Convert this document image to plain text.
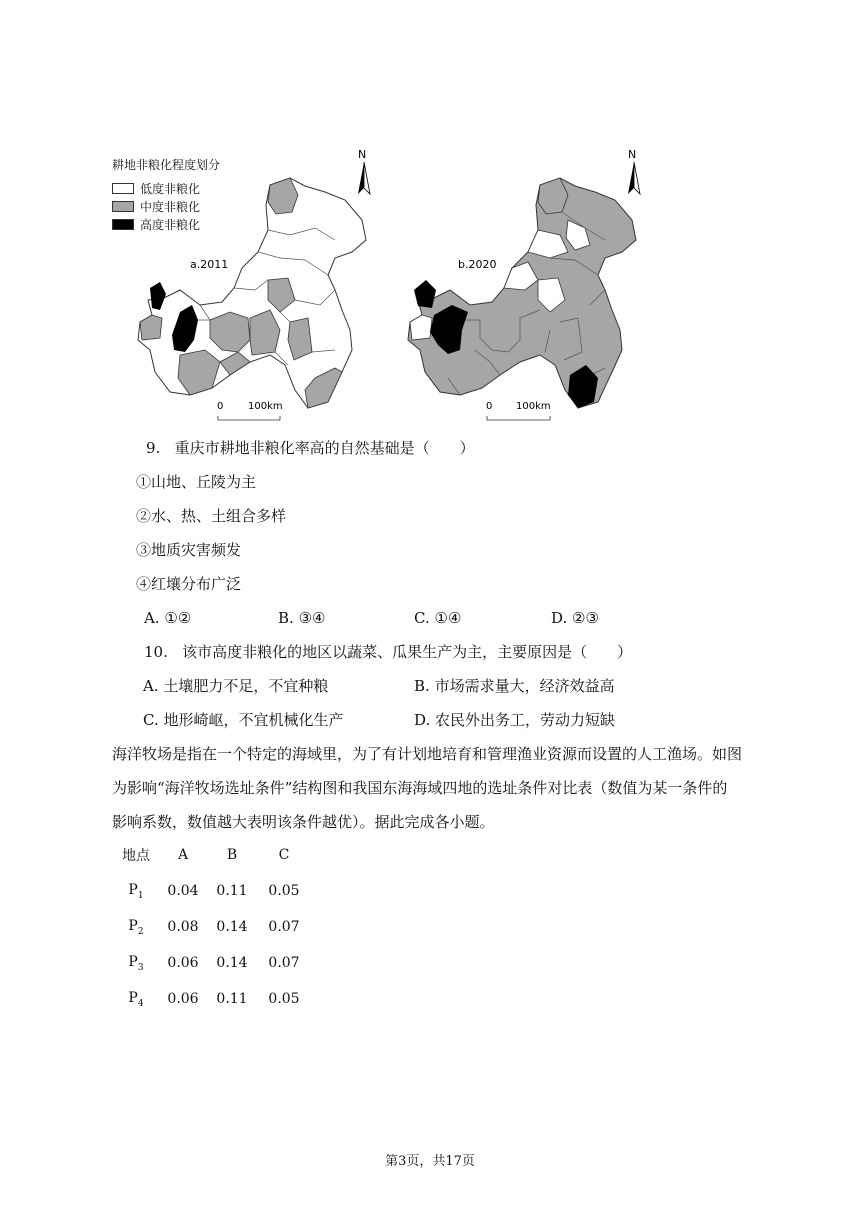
耕地非粮化程度划分
低度非粮化
中度非粮化
高度非粮化
a.2011
N
0 100km
b.2020
N
0 100km
9. 重庆市耕地非粮化率高的自然基础是（　　）
①山地、丘陵为主
②水、热、土组合多样
③地质灾害频发
④红壤分布广泛
A. ①②	B. ③④	C. ①④	D. ②③
10. 该市高度非粮化的地区以蔬菜、瓜果生产为主，主要原因是（　　）
A. 土壤肥力不足，不宜种粮	B. 市场需求量大，经济效益高
C. 地形崎岖，不宜机械化生产	D. 农民外出务工，劳动力短缺
海洋牧场是指在一个特定的海域里，为了有计划地培育和管理渔业资源而设置的人工渔场。如图
为影响“海洋牧场选址条件”结构图和我国东海海域四地的选址条件对比表（数值为某一条件的
影响系数，数值越大表明该条件越优）。据此完成各小题。
地点	A	B	C
$P_1$	0.04	0.11	0.05
$P_2$	0.08	0.14	0.07
$P_3$	0.06	0.14	0.07
$P_4$	0.06	0.11	0.05
第3页，共17页
